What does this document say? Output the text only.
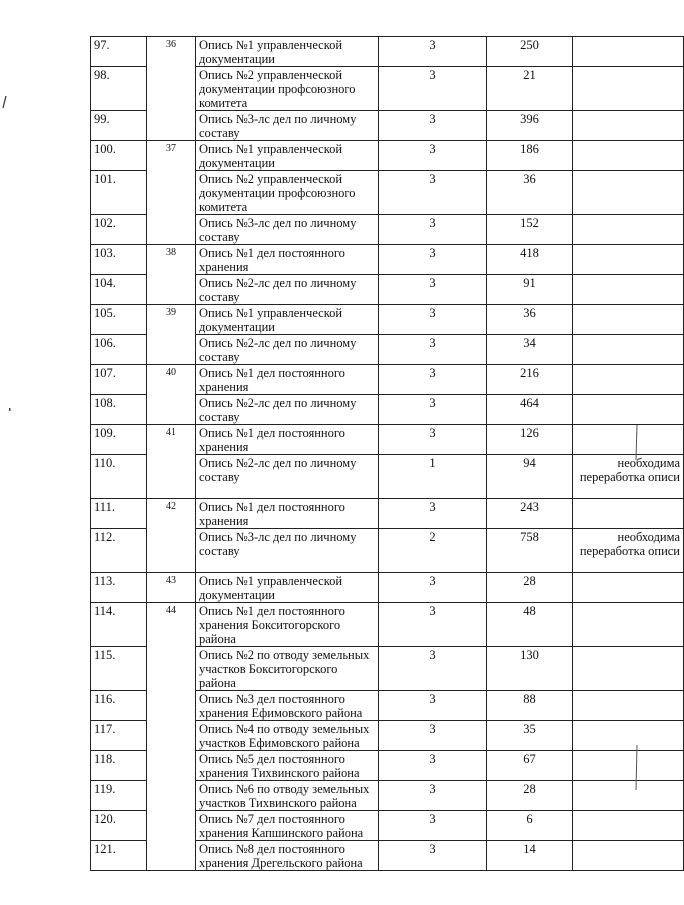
97.	36	Опись №1 управленческой документации	3	250	
98.		Опись №2 управленческой документации профсоюзного комитета	3	21	
99.		Опись №3-лс дел по личному составу	3	396	
100.	37	Опись №1 управленческой документации	3	186	
101.		Опись №2 управленческой документации профсоюзного комитета	3	36	
102.		Опись №3-лс дел по личному составу	3	152	
103.	38	Опись №1 дел постоянного хранения	3	418	
104.		Опись №2-лс дел по личному составу	3	91	
105.	39	Опись №1 управленческой документации	3	36	
106.		Опись №2-лс дел по личному составу	3	34	
107.	40	Опись №1 дел постоянного хранения	3	216	
108.		Опись №2-лс дел по личному составу	3	464	
109.	41	Опись №1 дел постоянного хранения	3	126	
110.		Опись №2-лс дел по личному составу	1	94	необходима переработка описи
111.	42	Опись №1 дел постоянного хранения	3	243	
112.		Опись №3-лс дел по личному составу	2	758	необходима переработка описи
113.	43	Опись №1 управленческой документации	3	28	
114.	44	Опись №1 дел постоянного хранения Бокситогорского района	3	48	
115.		Опись №2 по отводу земельных участков Бокситогорского района	3	130	
116.		Опись №3 дел постоянного хранения Ефимовского района	3	88	
117.		Опись №4 по отводу земельных участков Ефимовского района	3	35	
118.		Опись №5 дел постоянного хранения Тихвинского района	3	67	
119.		Опись №6 по отводу земельных участков Тихвинского района	3	28	
120.		Опись №7 дел постоянного хранения Капшинского района	3	6	
121.		Опись №8 дел постоянного хранения Дрегельского района	3	14	
